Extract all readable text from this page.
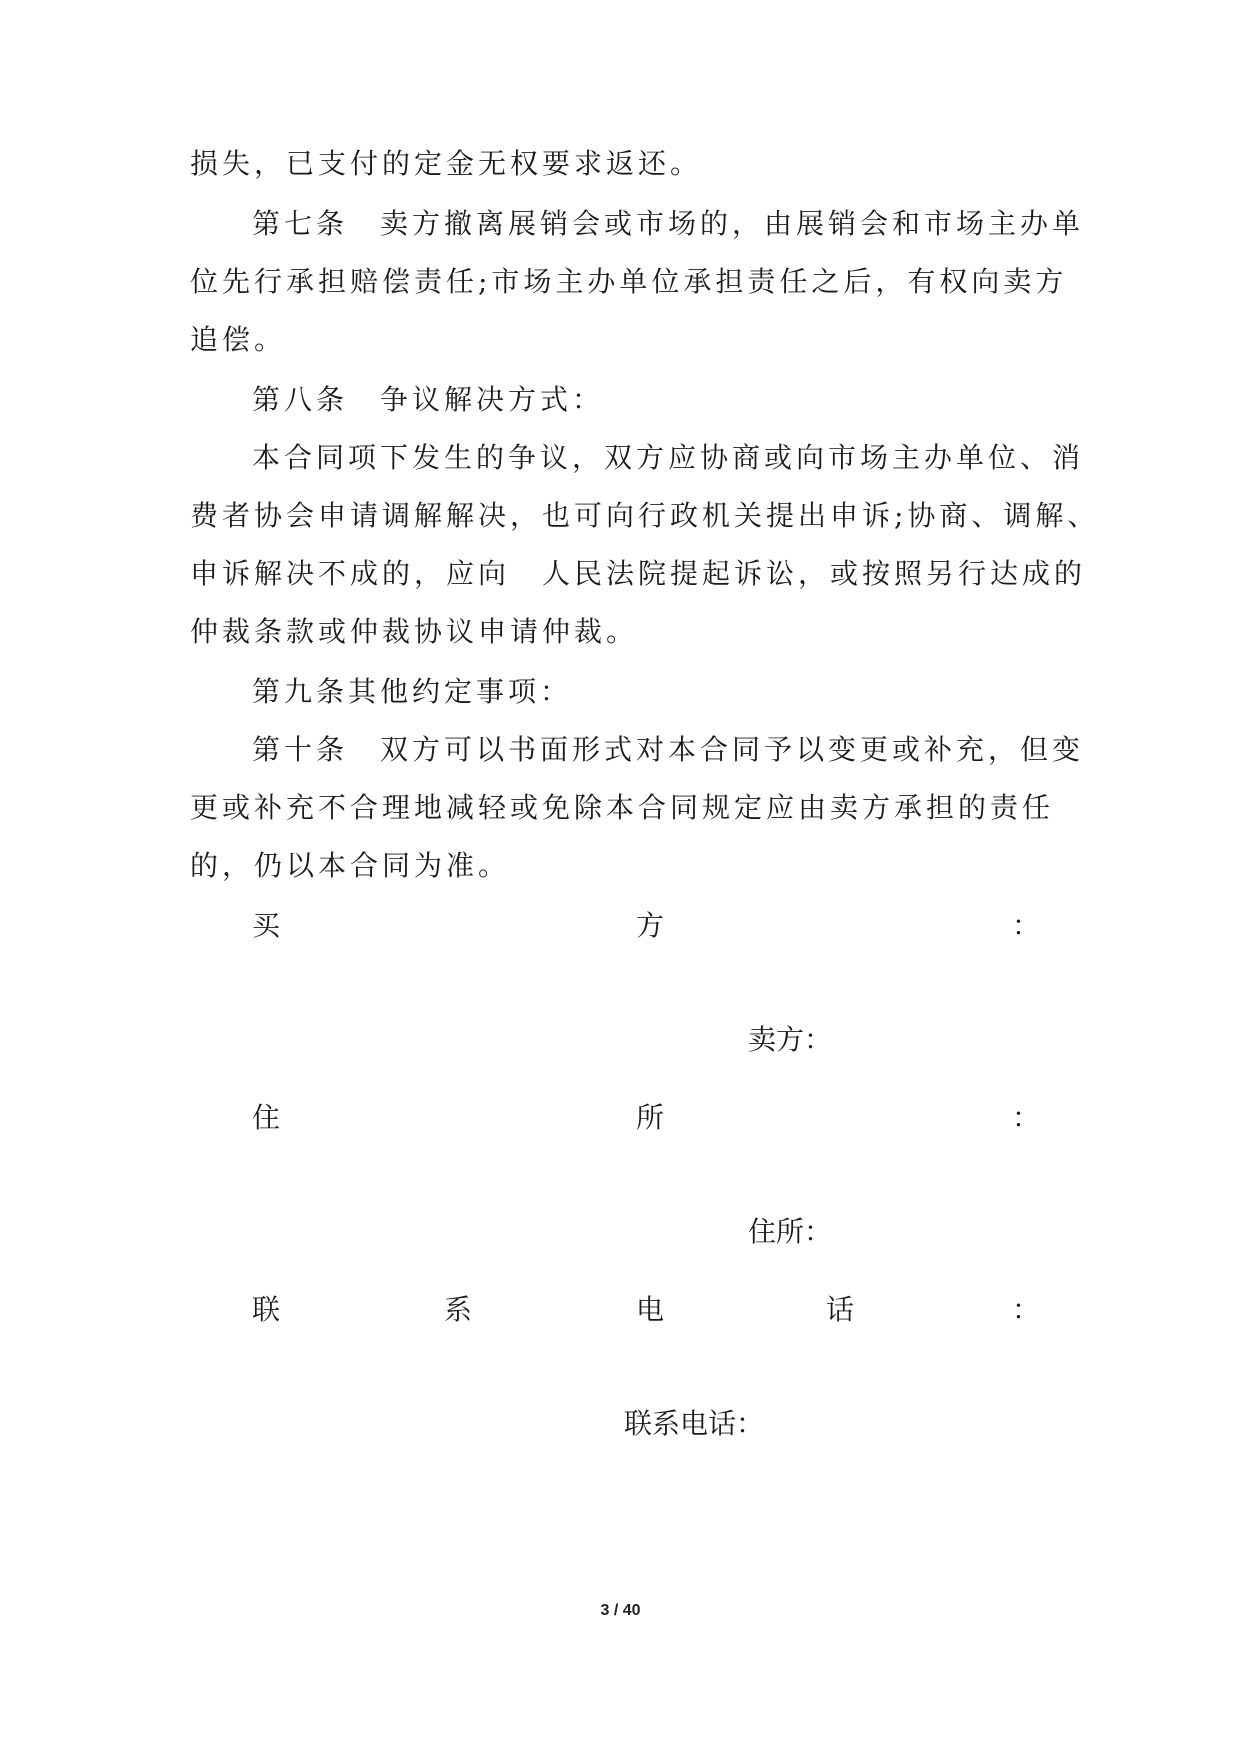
损失，已支付的定金无权要求返还。
第七条　卖方撤离展销会或市场的，由展销会和市场主办单
位先行承担赔偿责任;市场主办单位承担责任之后，有权向卖方
追偿。
第八条　争议解决方式：
本合同项下发生的争议，双方应协商或向市场主办单位、消
费者协会申请调解解决，也可向行政机关提出申诉;协商、调解、
申诉解决不成的，应向　人民法院提起诉讼，或按照另行达成的
仲裁条款或仲裁协议申请仲裁。
第九条其他约定事项：
第十条　双方可以书面形式对本合同予以变更或补充，但变
更或补充不合理地减轻或免除本合同规定应由卖方承担的责任
的，仍以本合同为准。
买	方	：
卖方：
住	所	：
住所：
联	系	电	话	：
联系电话：
3 / 40
